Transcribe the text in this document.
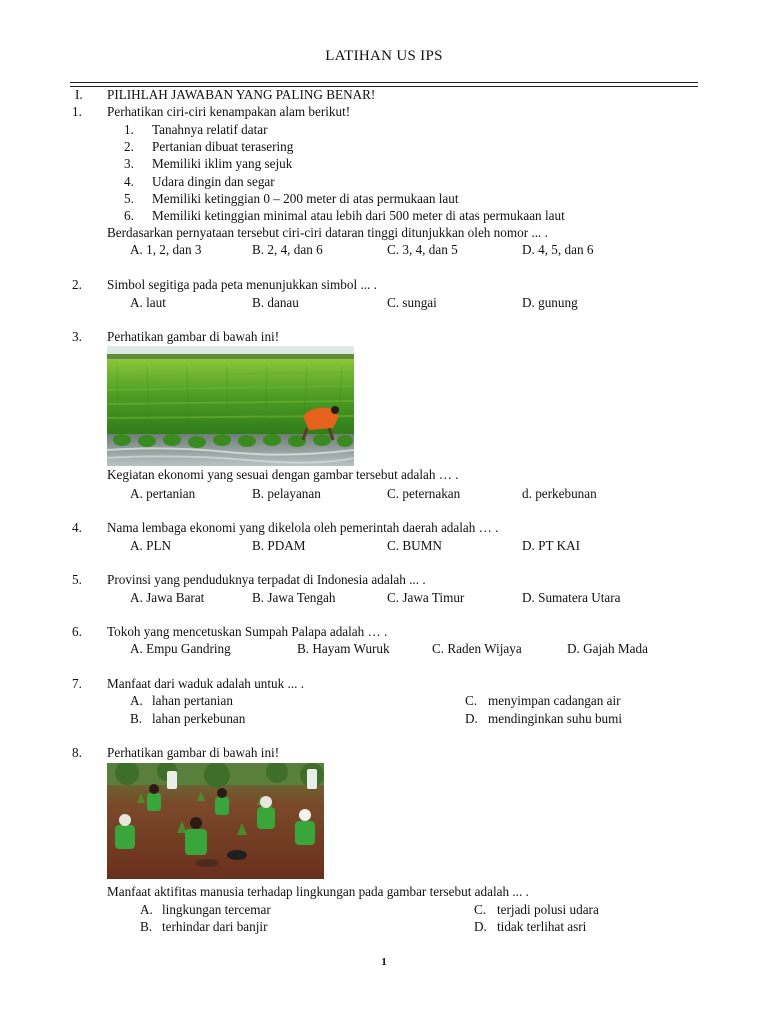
LATIHAN US IPS
I. PILIHLAH JAWABAN YANG PALING BENAR!
1. Perhatikan ciri-ciri kenampakan alam berikut!
1. Tanahnya relatif datar
2. Pertanian dibuat terasering
3. Memiliki iklim yang sejuk
4. Udara dingin dan segar
5. Memiliki ketinggian 0 – 200 meter di atas permukaan laut
6. Memiliki ketinggian minimal atau lebih dari 500 meter di atas permukaan laut
Berdasarkan pernyataan tersebut ciri-ciri dataran tinggi ditunjukkan oleh nomor ... .
A. 1, 2, dan 3	B. 2, 4, dan 6	C. 3, 4, dan 5	D. 4, 5, dan 6
2. Simbol segitiga pada peta menunjukkan simbol ... .
A. laut	B. danau	C. sungai	D. gunung
3. Perhatikan gambar di bawah ini!
Kegiatan ekonomi yang sesuai dengan gambar tersebut adalah … .
A. pertanian	B. pelayanan	C. peternakan	d. perkebunan
4. Nama lembaga ekonomi yang dikelola oleh pemerintah daerah adalah … .
A. PLN	B. PDAM	C. BUMN	D. PT KAI
5. Provinsi yang penduduknya terpadat di Indonesia adalah ... .
A. Jawa Barat	B. Jawa Tengah	C. Jawa Timur	D. Sumatera Utara
6. Tokoh yang mencetuskan Sumpah Palapa adalah … .
A. Empu Gandring	B. Hayam Wuruk	C. Raden Wijaya	D. Gajah Mada
7. Manfaat dari waduk adalah untuk ... .
A. lahan pertanian
B. lahan perkebunan
C. menyimpan cadangan air
D. mendinginkan suhu bumi
8. Perhatikan gambar di bawah ini!
Manfaat aktifitas manusia terhadap lingkungan pada gambar tersebut adalah ... .
A. lingkungan tercemar
B. terhindar dari banjir
C. terjadi polusi udara
D. tidak terlihat asri
1
